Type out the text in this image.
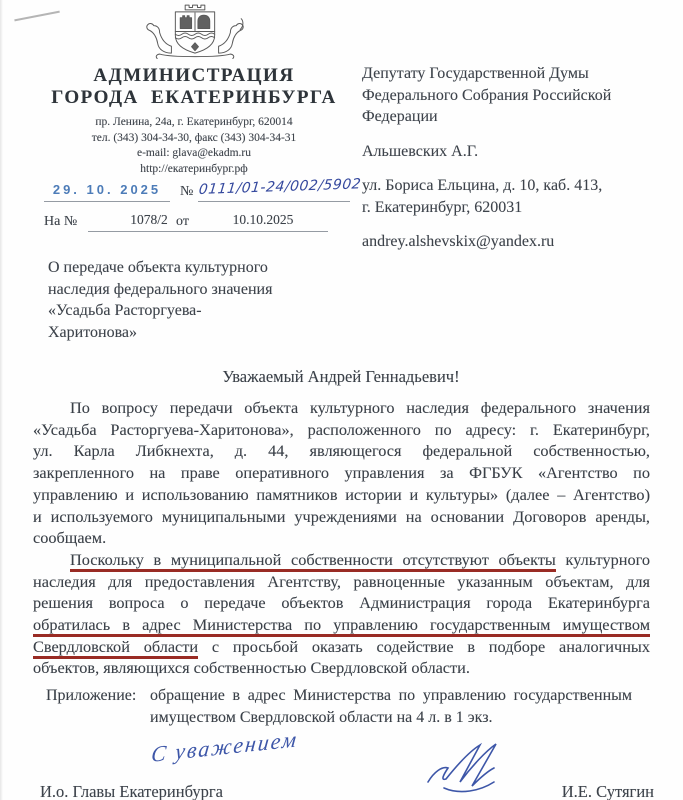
АДМИНИСТРАЦИЯ
ГОРОДА ЕКАТЕРИНБУРГА
пр. Ленина, 24а, г. Екатеринбург, 620014
тел. (343) 304-34-30, факс (343) 304-34-31
e-mail: glava@ekadm.ru
http://екатеринбург.рф
29. 10. 2025	№ 0111/01-24/002/5902
На №	1078/2 от	10.10.2025
Депутату Государственной Думы
Федерального Собрания Российской
Федерации

Альшевских А.Г.

ул. Бориса Ельцина, д. 10, каб. 413,
г. Екатеринбург, 620031

andrey.alshevskix@yandex.ru
О передаче объекта культурного
наследия федерального значения
«Усадьба Расторгуева-
Харитонова»
Уважаемый Андрей Геннадьевич!
По вопросу передачи объекта культурного наследия федерального значения
«Усадьба Расторгуева-Харитонова», расположенного по адресу: г. Екатеринбург,
ул. Карла Либкнехта, д. 44, являющегося федеральной собственностью,
закрепленного на праве оперативного управления за ФГБУК «Агентство по
управлению и использованию памятников истории и культуры» (далее – Агентство)
и используемого муниципальными учреждениями на основании Договоров аренды,
сообщаем.
Поскольку в муниципальной собственности отсутствуют объекты культурного
наследия для предоставления Агентству, равноценные указанным объектам, для
решения вопроса о передаче объектов Администрация города Екатеринбурга
обратилась в адрес Министерства по управлению государственным имуществом
Свердловской области с просьбой оказать содействие в подборе аналогичных
объектов, являющихся собственностью Свердловской области.
Приложение: обращение в адрес Министерства по управлению государственным
имуществом Свердловской области на 4 л. в 1 экз.
С уважением
И.о. Главы Екатеринбурга	И.Е. Сутягин
